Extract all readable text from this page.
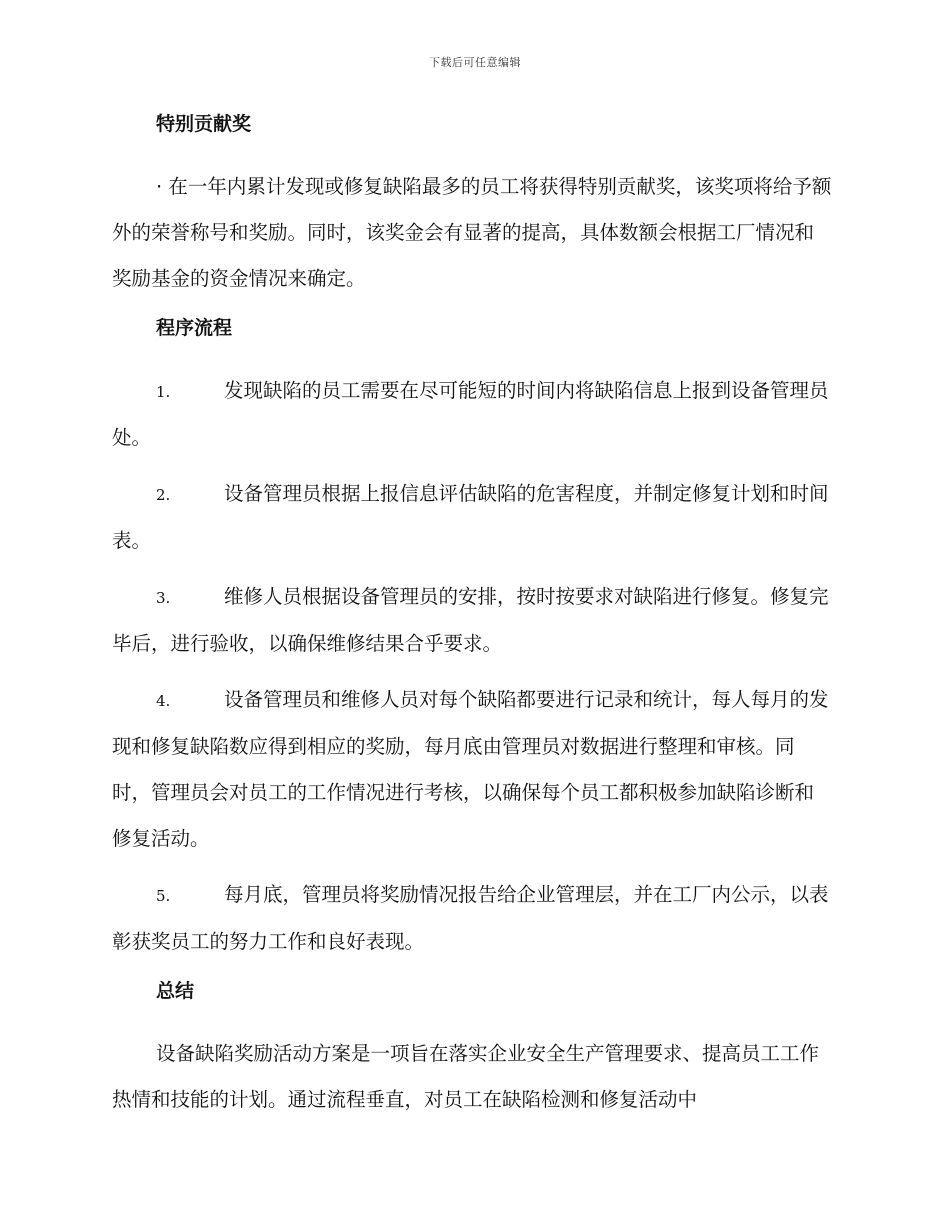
下载后可任意编辑
特别贡献奖

· 在一年内累计发现或修复缺陷最多的员工将获得特别贡献奖，该奖项将给予额外的荣誉称号和奖励。同时，该奖金会有显著的提高，具体数额会根据工厂情况和奖励基金的资金情况来确定。

程序流程

1.	发现缺陷的员工需要在尽可能短的时间内将缺陷信息上报到设备管理员处。

2.	设备管理员根据上报信息评估缺陷的危害程度，并制定修复计划和时间表。

3.	维修人员根据设备管理员的安排，按时按要求对缺陷进行修复。修复完毕后，进行验收，以确保维修结果合乎要求。

4.	设备管理员和维修人员对每个缺陷都要进行记录和统计，每人每月的发现和修复缺陷数应得到相应的奖励，每月底由管理员对数据进行整理和审核。同时，管理员会对员工的工作情况进行考核，以确保每个员工都积极参加缺陷诊断和修复活动。

5.	每月底，管理员将奖励情况报告给企业管理层，并在工厂内公示，以表彰获奖员工的努力工作和良好表现。

总结

设备缺陷奖励活动方案是一项旨在落实企业安全生产管理要求、提高员工工作热情和技能的计划。通过流程垂直，对员工在缺陷检测和修复活动中
